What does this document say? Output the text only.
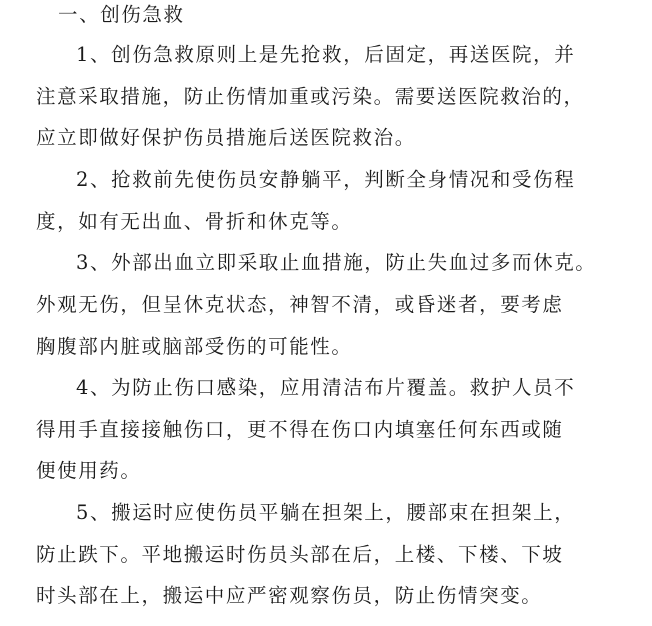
一、创伤急救
1、创伤急救原则上是先抢救，后固定，再送医院，并
注意采取措施，防止伤情加重或污染。需要送医院救治的，
应立即做好保护伤员措施后送医院救治。
2、抢救前先使伤员安静躺平，判断全身情况和受伤程
度，如有无出血、骨折和休克等。
3、外部出血立即采取止血措施，防止失血过多而休克。
外观无伤，但呈休克状态，神智不清，或昏迷者，要考虑
胸腹部内脏或脑部受伤的可能性。
4、为防止伤口感染，应用清洁布片覆盖。救护人员不
得用手直接接触伤口，更不得在伤口内填塞任何东西或随
便使用药。
5、搬运时应使伤员平躺在担架上，腰部束在担架上，
防止跌下。平地搬运时伤员头部在后，上楼、下楼、下坡
时头部在上，搬运中应严密观察伤员，防止伤情突变。
